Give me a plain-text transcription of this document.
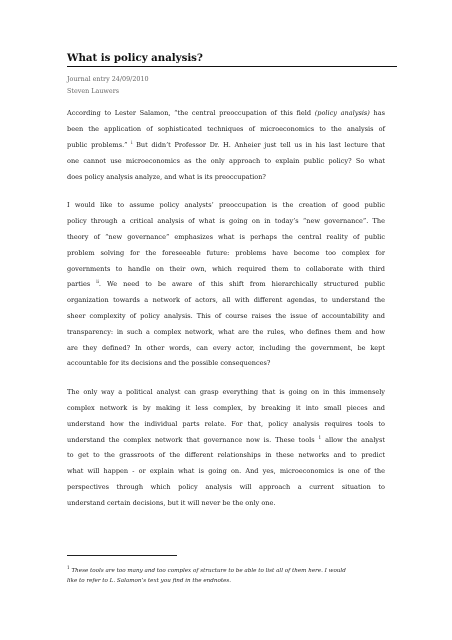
What is policy analysis?
Journal entry 24/09/2010
Steven Lauwers
According to Lester Salamon, “the central preoccupation of this field (policy analysis) has
been the application of sophisticated techniques of microeconomics to the analysis of
public problems.” $^i$ But didn’t Professor Dr. H. Anheier just tell us in his last lecture that
one cannot use microeconomics as the only approach to explain public policy? So what
does policy analysis analyze, and what is its preoccupation?
I would like to assume policy analysts’ preoccupation is the creation of good public
policy through a critical analysis of what is going on in today’s “new governance”. The
theory of “new governance” emphasizes what is perhaps the central reality of public
problem solving for the foreseeable future: problems have become too complex for
governments to handle on their own, which required them to collaborate with third
parties $^{ii}$. We need to be aware of this shift from hierarchically structured public
organization towards a network of actors, all with different agendas, to understand the
sheer complexity of policy analysis. This of course raises the issue of accountability and
transparency: in such a complex network, what are the rules, who defines them and how
are they defined? In other words, can every actor, including the government, be kept
accountable for its decisions and the possible consequences?
The only way a political analyst can grasp everything that is going on in this immensely
complex network is by making it less complex, by breaking it into small pieces and
understand how the individual parts relate. For that, policy analysis requires tools to
understand the complex network that governance now is. These tools $^1$ allow the analyst
to get to the grassroots of the different relationships in these networks and to predict
what will happen - or explain what is going on. And yes, microeconomics is one of the
perspectives through which policy analysis will approach a current situation to
understand certain decisions, but it will never be the only one.
$^1$ These tools are too many and too complex of structure to be able to list all of them here. I would
like to refer to L. Salamon’s text you find in the endnotes.
